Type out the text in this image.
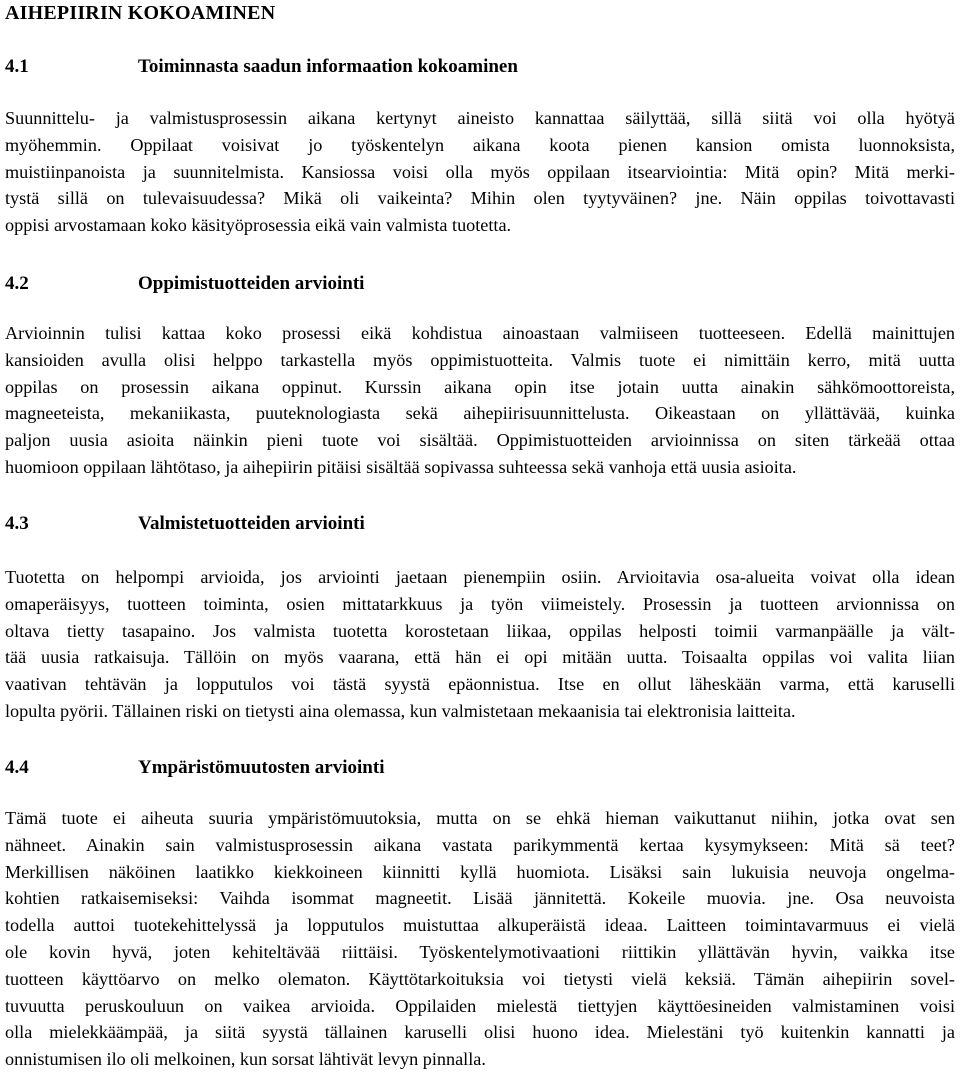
AIHEPIIRIN KOKOAMINEN
4.1	Toiminnasta saadun informaation kokoaminen
Suunnittelu- ja valmistusprosessin aikana kertynyt aineisto kannattaa säilyttää, sillä siitä voi olla hyötyä
myöhemmin. Oppilaat voisivat jo työskentelyn aikana koota pienen kansion omista luonnoksista,
muistiinpanoista ja suunnitelmista. Kansiossa voisi olla myös oppilaan itsearviointia: Mitä opin? Mitä merki-
tystä sillä on tulevaisuudessa? Mikä oli vaikeinta? Mihin olen tyytyväinen? jne. Näin oppilas toivottavasti
oppisi arvostamaan koko käsityöprosessia eikä vain valmista tuotetta.
4.2	Oppimistuotteiden arviointi
Arvioinnin tulisi kattaa koko prosessi eikä kohdistua ainoastaan valmiiseen tuotteeseen. Edellä mainittujen
kansioiden avulla olisi helppo tarkastella myös oppimistuotteita. Valmis tuote ei nimittäin kerro, mitä uutta
oppilas on prosessin aikana oppinut. Kurssin aikana opin itse jotain uutta ainakin sähkömoottoreista,
magneeteista, mekaniikasta, puuteknologiasta sekä aihepiirisuunnittelusta. Oikeastaan on yllättävää, kuinka
paljon uusia asioita näinkin pieni tuote voi sisältää. Oppimistuotteiden arvioinnissa on siten tärkeää ottaa
huomioon oppilaan lähtötaso, ja aihepiirin pitäisi sisältää sopivassa suhteessa sekä vanhoja että uusia asioita.
4.3	Valmistetuotteiden arviointi
Tuotetta on helpompi arvioida, jos arviointi jaetaan pienempiin osiin. Arvioitavia osa-alueita voivat olla idean
omaperäisyys, tuotteen toiminta, osien mittatarkkuus ja työn viimeistely. Prosessin ja tuotteen arvionnissa on
oltava tietty tasapaino. Jos valmista tuotetta korostetaan liikaa, oppilas helposti toimii varmanpäälle ja vält-
tää uusia ratkaisuja. Tällöin on myös vaarana, että hän ei opi mitään uutta. Toisaalta oppilas voi valita liian
vaativan tehtävän ja lopputulos voi tästä syystä epäonnistua. Itse en ollut läheskään varma, että karuselli
lopulta pyörii. Tällainen riski on tietysti aina olemassa, kun valmistetaan mekaanisia tai elektronisia laitteita.
4.4	Ympäristömuutosten arviointi
Tämä tuote ei aiheuta suuria ympäristömuutoksia, mutta on se ehkä hieman vaikuttanut niihin, jotka ovat sen
nähneet. Ainakin sain valmistusprosessin aikana vastata parikymmentä kertaa kysymykseen: Mitä sä teet?
Merkillisen näköinen laatikko kiekkoineen kiinnitti kyllä huomiota. Lisäksi sain lukuisia neuvoja ongelma-
kohtien ratkaisemiseksi: Vaihda isommat magneetit. Lisää jännitettä. Kokeile muovia. jne. Osa neuvoista
todella auttoi tuotekehittelyssä ja lopputulos muistuttaa alkuperäistä ideaa. Laitteen toimintavarmuus ei vielä
ole kovin hyvä, joten kehiteltävää riittäisi. Työskentelymotivaationi riittikin yllättävän hyvin, vaikka itse
tuotteen käyttöarvo on melko olematon. Käyttötarkoituksia voi tietysti vielä keksiä. Tämän aihepiirin sovel-
tuvuutta peruskouluun on vaikea arvioida. Oppilaiden mielestä tiettyjen käyttöesineiden valmistaminen voisi
olla mielekkäämpää, ja siitä syystä tällainen karuselli olisi huono idea. Mielestäni työ kuitenkin kannatti ja
onnistumisen ilo oli melkoinen, kun sorsat lähtivät levyn pinnalla.
